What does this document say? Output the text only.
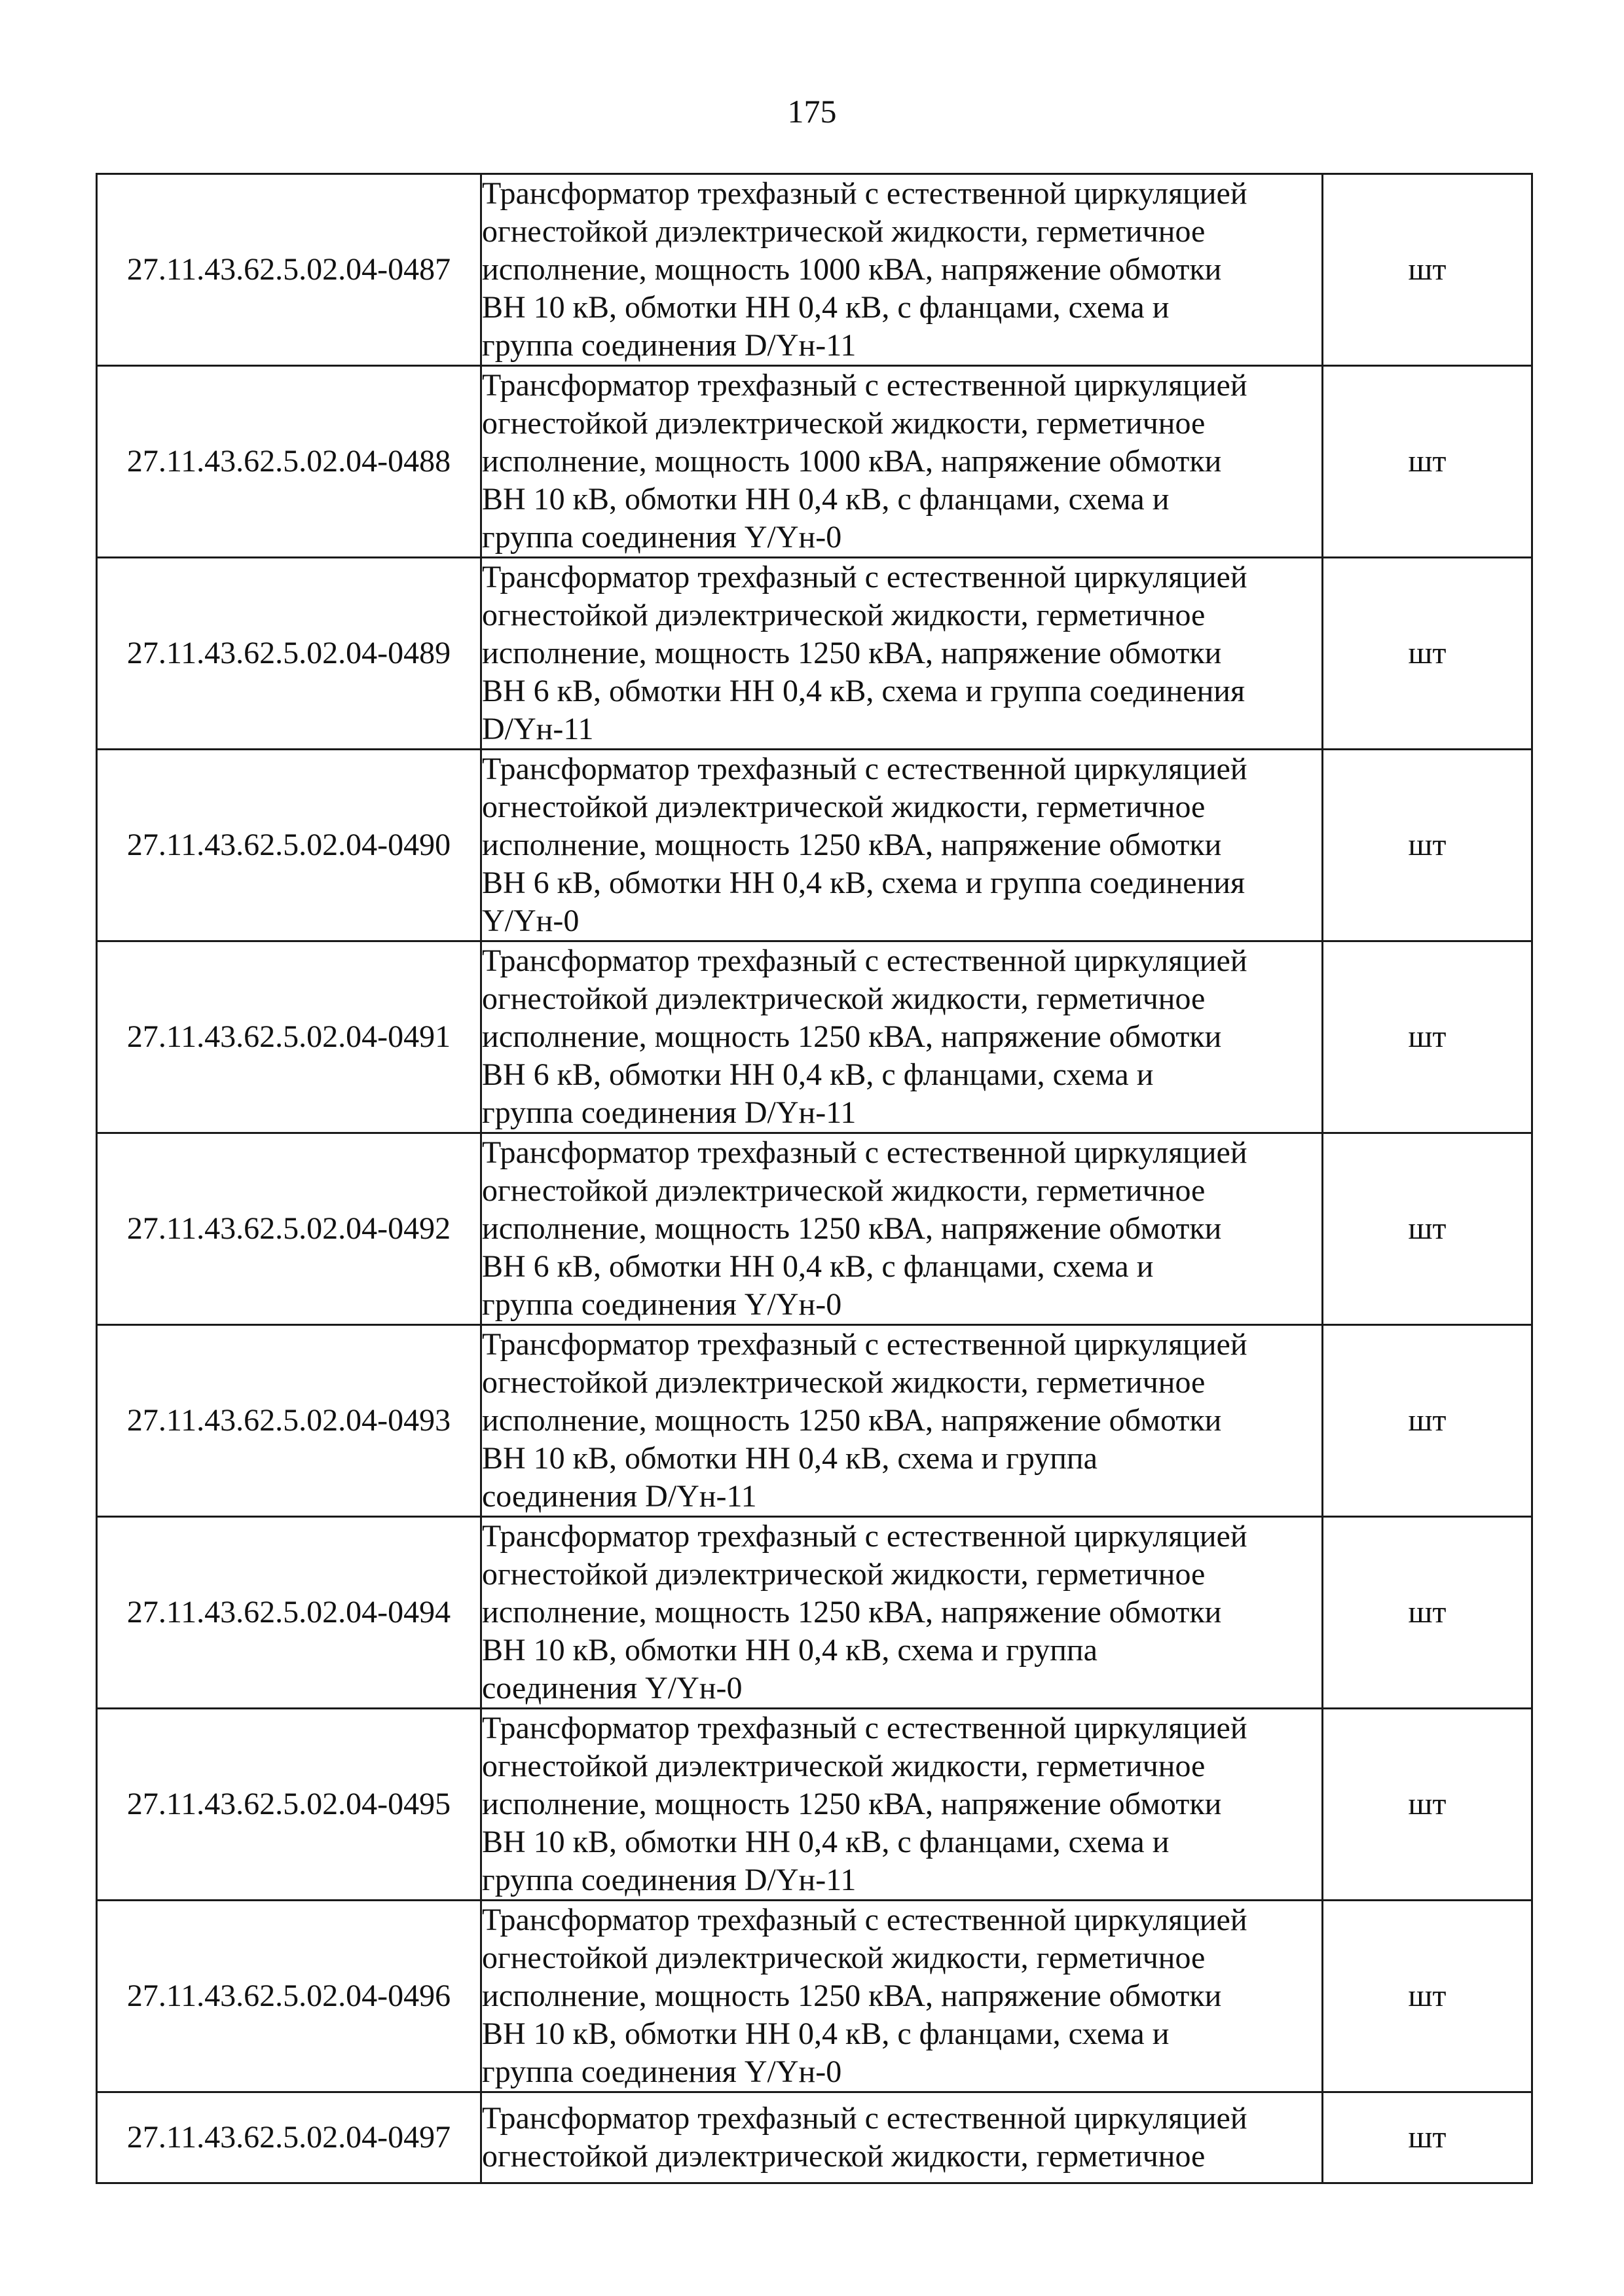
175
27.11.43.62.5.02.04-0487	Трансформатор трехфазный с естественной циркуляцией
огнестойкой диэлектрической жидкости, герметичное
исполнение, мощность 1000 кВА, напряжение обмотки
ВН 10 кВ, обмотки НН 0,4 кВ, с фланцами, схема и
группа соединения D/Yн-11	шт
27.11.43.62.5.02.04-0488	Трансформатор трехфазный с естественной циркуляцией
огнестойкой диэлектрической жидкости, герметичное
исполнение, мощность 1000 кВА, напряжение обмотки
ВН 10 кВ, обмотки НН 0,4 кВ, с фланцами, схема и
группа соединения Y/Yн-0	шт
27.11.43.62.5.02.04-0489	Трансформатор трехфазный с естественной циркуляцией
огнестойкой диэлектрической жидкости, герметичное
исполнение, мощность 1250 кВА, напряжение обмотки
ВН 6 кВ, обмотки НН 0,4 кВ, схема и группа соединения
D/Yн-11	шт
27.11.43.62.5.02.04-0490	Трансформатор трехфазный с естественной циркуляцией
огнестойкой диэлектрической жидкости, герметичное
исполнение, мощность 1250 кВА, напряжение обмотки
ВН 6 кВ, обмотки НН 0,4 кВ, схема и группа соединения
Y/Yн-0	шт
27.11.43.62.5.02.04-0491	Трансформатор трехфазный с естественной циркуляцией
огнестойкой диэлектрической жидкости, герметичное
исполнение, мощность 1250 кВА, напряжение обмотки
ВН 6 кВ, обмотки НН 0,4 кВ, с фланцами, схема и
группа соединения D/Yн-11	шт
27.11.43.62.5.02.04-0492	Трансформатор трехфазный с естественной циркуляцией
огнестойкой диэлектрической жидкости, герметичное
исполнение, мощность 1250 кВА, напряжение обмотки
ВН 6 кВ, обмотки НН 0,4 кВ, с фланцами, схема и
группа соединения Y/Yн-0	шт
27.11.43.62.5.02.04-0493	Трансформатор трехфазный с естественной циркуляцией
огнестойкой диэлектрической жидкости, герметичное
исполнение, мощность 1250 кВА, напряжение обмотки
ВН 10 кВ, обмотки НН 0,4 кВ, схема и группа
соединения D/Yн-11	шт
27.11.43.62.5.02.04-0494	Трансформатор трехфазный с естественной циркуляцией
огнестойкой диэлектрической жидкости, герметичное
исполнение, мощность 1250 кВА, напряжение обмотки
ВН 10 кВ, обмотки НН 0,4 кВ, схема и группа
соединения Y/Yн-0	шт
27.11.43.62.5.02.04-0495	Трансформатор трехфазный с естественной циркуляцией
огнестойкой диэлектрической жидкости, герметичное
исполнение, мощность 1250 кВА, напряжение обмотки
ВН 10 кВ, обмотки НН 0,4 кВ, с фланцами, схема и
группа соединения D/Yн-11	шт
27.11.43.62.5.02.04-0496	Трансформатор трехфазный с естественной циркуляцией
огнестойкой диэлектрической жидкости, герметичное
исполнение, мощность 1250 кВА, напряжение обмотки
ВН 10 кВ, обмотки НН 0,4 кВ, с фланцами, схема и
группа соединения Y/Yн-0	шт
27.11.43.62.5.02.04-0497	Трансформатор трехфазный с естественной циркуляцией
огнестойкой диэлектрической жидкости, герметичное	шт
